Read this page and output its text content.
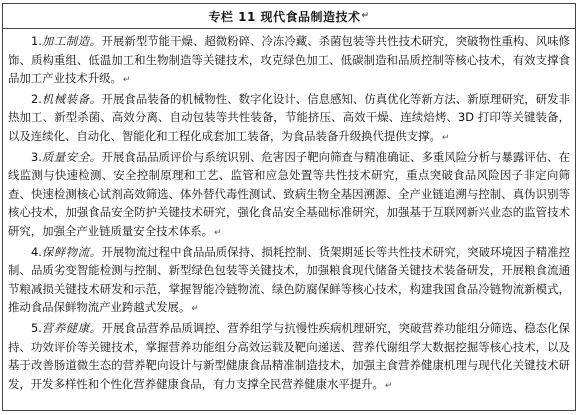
专栏 11 现代食品制造技术 ↵

1.加工制造。开展新型节能干燥、超微粉碎、冷冻冷藏、杀菌包装等共性技术研究，突破物性重构、风味修饰、质构重组、低温加工和生物制造等关键技术，攻克绿色加工、低碳制造和品质控制等核心技术，有效支撑食品加工产业技术升级。↵

2.机械装备。开展食品装备的机械物性、数字化设计、信息感知、仿真优化等新方法、新原理研究，研发非热加工、新型杀菌、高效分离、自动包装等共性装备，节能挤压、高效干燥、连续焙烤、3D 打印等关键装备，以及连续化、自动化、智能化和工程化成套加工装备，为食品装备升级换代提供支撑。↵

3.质量安全。开展食品品质评价与系统识别、危害因子靶向筛查与精准确证、多重风险分析与暴露评估、在线监测与快速检测、安全控制原理和工艺、监管和应急处置等共性技术研究，重点突破食品风险因子非定向筛查、快速检测核心试剂高效筛选、体外替代毒性测试、致病生物全基因溯源、全产业链追溯与控制、真伪识别等核心技术，加强食品安全防护关键技术研究，强化食品安全基础标准研究，加强基于互联网新兴业态的监管技术研究，加强全产业链质量安全技术体系。↵

4.保鲜物流。开展物流过程中食品品质保持、损耗控制、货架期延长等共性技术研究，突破环境因子精准控制、品质劣变智能检测与控制、新型绿色包装等关键技术，加强粮食现代储备关键技术装备研发，开展粮食流通节粮减损关键技术研发和示范，掌握智能冷链物流、绿色防腐保鲜等核心技术，构建我国食品冷链物流新模式，推动食品保鲜物流产业跨越式发展。↵

5.营养健康。开展食品营养品质调控、营养组学与抗慢性疾病机理研究，突破营养功能组分筛选、稳态化保持、功效评价等关键技术，掌握营养功能组分高效运载及靶向递送、营养代谢组学大数据挖掘等核心技术，以及基于改善肠道微生态的营养靶向设计与新型健康食品精准制造技术，加强主食营养健康机理与现代化关键技术研发，开发多样性和个性化营养健康食品，有力支撑全民营养健康水平提升。↵
